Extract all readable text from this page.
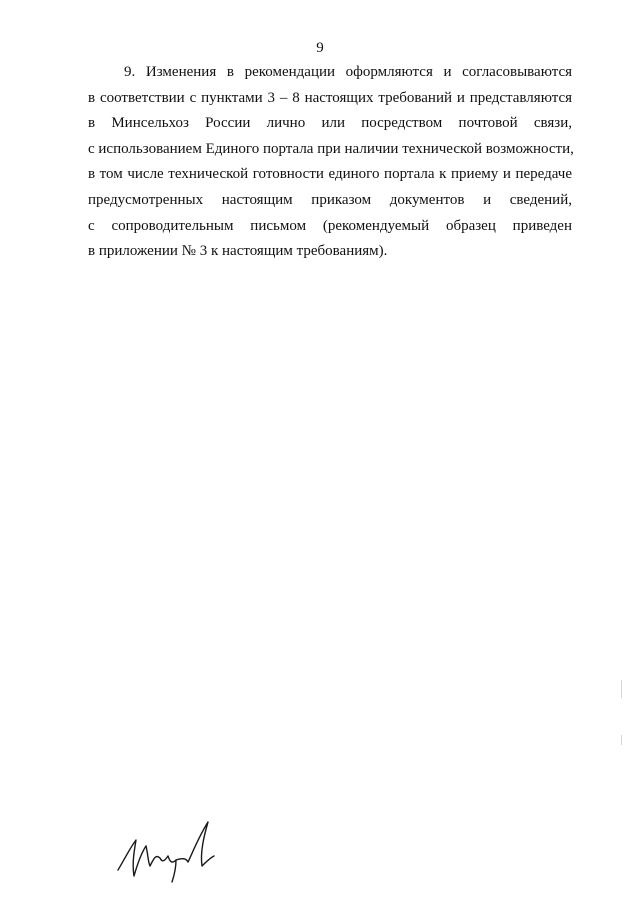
9
9. Изменения в рекомендации оформляются и согласовываются
в соответствии с пунктами 3 – 8 настоящих требований и представляются
в Минсельхоз России лично или посредством почтовой связи,
с использованием Единого портала при наличии технической возможности,
в том числе технической готовности единого портала к приему и передаче
предусмотренных настоящим приказом документов и сведений,
с сопроводительным письмом (рекомендуемый образец приведен
в приложении № 3 к настоящим требованиям).
